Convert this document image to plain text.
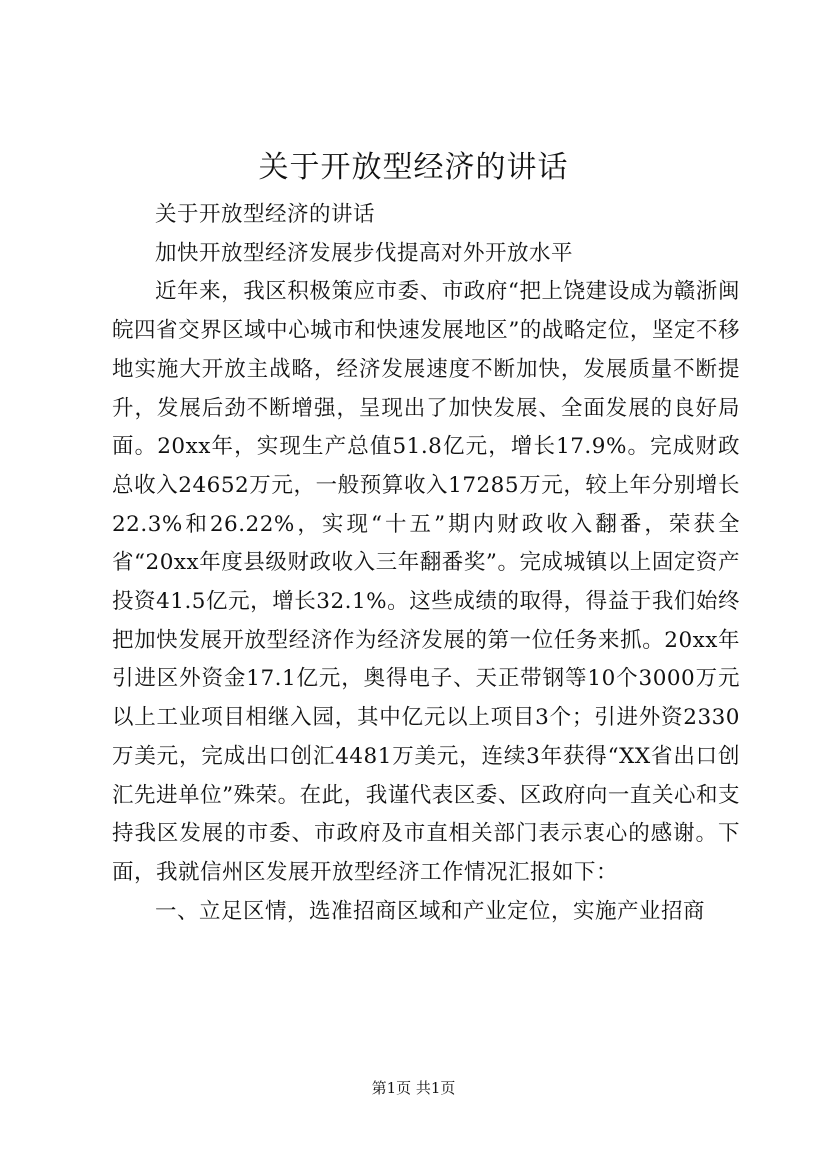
关于开放型经济的讲话

关于开放型经济的讲话

加快开放型经济发展步伐提高对外开放水平

近年来，我区积极策应市委、市政府“把上饶建设成为赣浙闽皖四省交界区域中心城市和快速发展地区”的战略定位，坚定不移地实施大开放主战略，经济发展速度不断加快，发展质量不断提升，发展后劲不断增强，呈现出了加快发展、全面发展的良好局面。20xx年，实现生产总值51.8亿元，增长17.9%。完成财政总收入24652万元，一般预算收入17285万元，较上年分别增长22.3%和26.22%，实现“十五”期内财政收入翻番，荣获全省“20xx年度县级财政收入三年翻番奖”。完成城镇以上固定资产投资41.5亿元，增长32.1%。这些成绩的取得，得益于我们始终把加快发展开放型经济作为经济发展的第一位任务来抓。20xx年引进区外资金17.1亿元，奥得电子、天正带钢等10个3000万元以上工业项目相继入园，其中亿元以上项目3个；引进外资2330万美元，完成出口创汇4481万美元，连续3年获得“XX省出口创汇先进单位”殊荣。在此，我谨代表区委、区政府向一直关心和支持我区发展的市委、市政府及市直相关部门表示衷心的感谢。下面，我就信州区发展开放型经济工作情况汇报如下：

一、立足区情，选准招商区域和产业定位，实施产业招商

第1页 共1页
